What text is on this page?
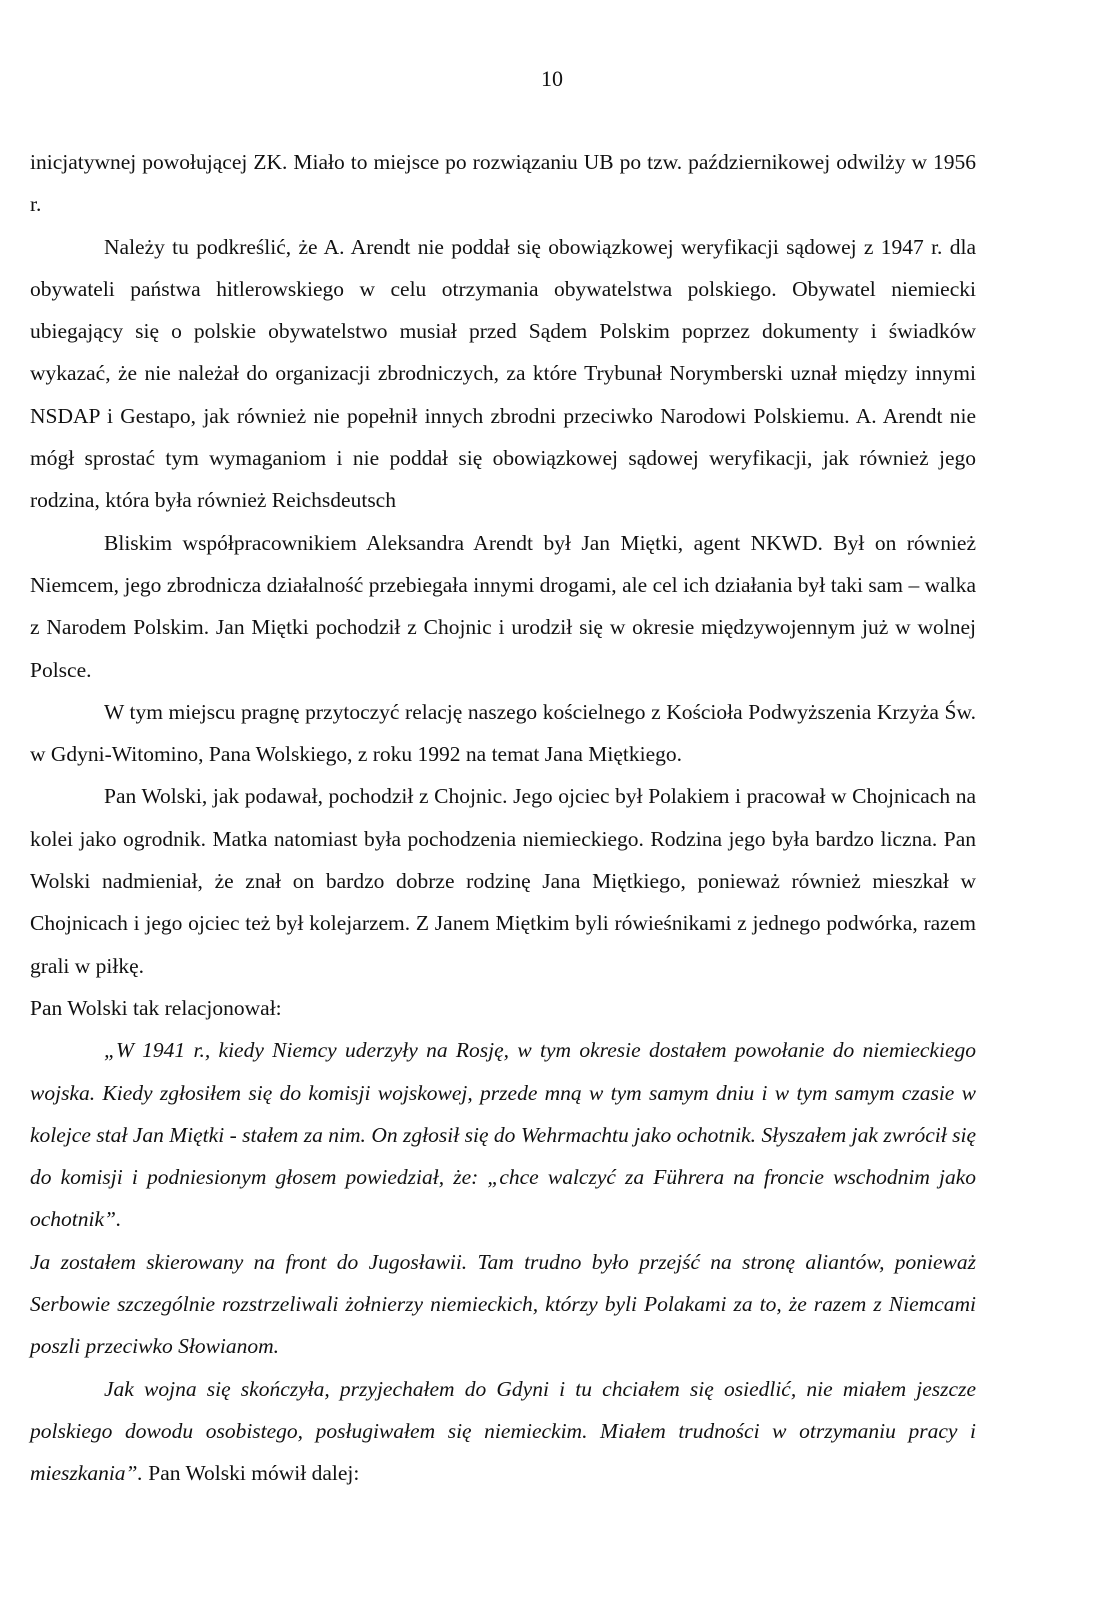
10

inicjatywnej powołującej ZK. Miało to miejsce po rozwiązaniu UB po tzw. październikowej odwilży w 1956 r.

Należy tu podkreślić, że A. Arendt nie poddał się obowiązkowej weryfikacji sądowej z 1947 r. dla obywateli państwa hitlerowskiego w celu otrzymania obywatelstwa polskiego. Obywatel niemiecki ubiegający się o polskie obywatelstwo musiał przed Sądem Polskim poprzez dokumenty i świadków wykazać, że nie należał do organizacji zbrodniczych, za które Trybunał Norymberski uznał między innymi NSDAP i Gestapo, jak również nie popełnił innych zbrodni przeciwko Narodowi Polskiemu. A. Arendt nie mógł sprostać tym wymaganiom i nie poddał się obowiązkowej sądowej weryfikacji, jak również jego rodzina, która była również Reichsdeutsch

Bliskim współpracownikiem Aleksandra Arendt był Jan Miętki, agent NKWD. Był on również Niemcem, jego zbrodnicza działalność przebiegała innymi drogami, ale cel ich działania był taki sam – walka z Narodem Polskim. Jan Miętki pochodził z Chojnic i urodził się w okresie międzywojennym już w wolnej Polsce.

W tym miejscu pragnę przytoczyć relację naszego kościelnego z Kościoła Podwyższenia Krzyża Św. w Gdyni-Witomino, Pana Wolskiego, z roku 1992 na temat Jana Miętkiego.

Pan Wolski, jak podawał, pochodził z Chojnic. Jego ojciec był Polakiem i pracował w Chojnicach na kolei jako ogrodnik. Matka natomiast była pochodzenia niemieckiego. Rodzina jego była bardzo liczna. Pan Wolski nadmieniał, że znał on bardzo dobrze rodzinę Jana Miętkiego, ponieważ również mieszkał w Chojnicach i jego ojciec też był kolejarzem. Z Janem Miętkim byli rówieśnikami z jednego podwórka, razem grali w piłkę.

Pan Wolski tak relacjonował:

„W 1941 r., kiedy Niemcy uderzyły na Rosję, w tym okresie dostałem powołanie do niemieckiego wojska. Kiedy zgłosiłem się do komisji wojskowej, przede mną w tym samym dniu i w tym samym czasie w kolejce stał Jan Miętki - stałem za nim. On zgłosił się do Wehrmachtu jako ochotnik. Słyszałem jak zwrócił się do komisji i podniesionym głosem powiedział, że: „chce walczyć za Führera na froncie wschodnim jako ochotnik”.

Ja zostałem skierowany na front do Jugosławii. Tam trudno było przejść na stronę aliantów, ponieważ Serbowie szczególnie rozstrzeliwali żołnierzy niemieckich, którzy byli Polakami za to, że razem z Niemcami poszli przeciwko Słowianom.

Jak wojna się skończyła, przyjechałem do Gdyni i tu chciałem się osiedlić, nie miałem jeszcze polskiego dowodu osobistego, posługiwałem się niemieckim. Miałem trudności w otrzymaniu pracy i mieszkania”. Pan Wolski mówił dalej:
